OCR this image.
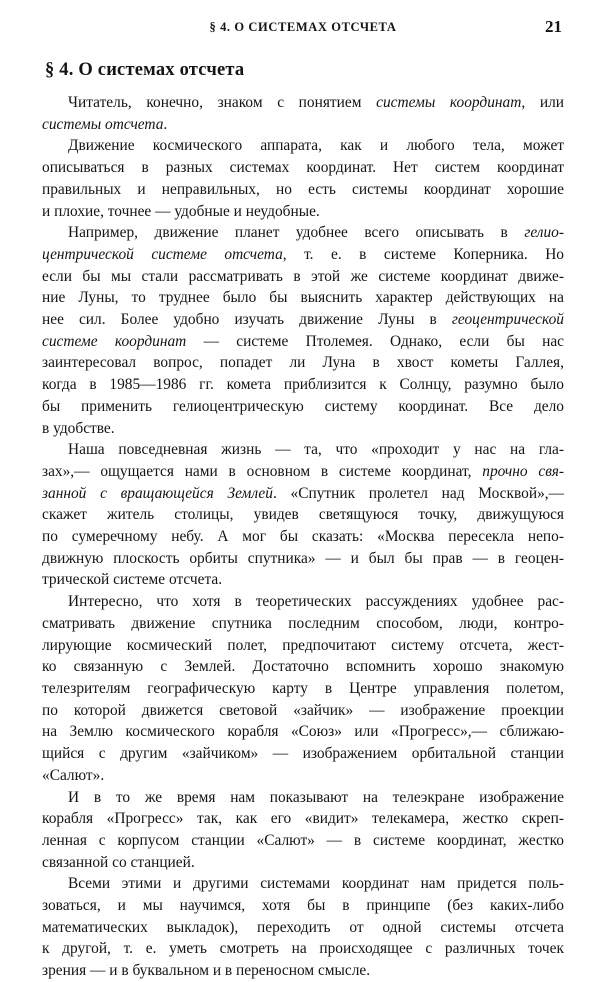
§ 4. О СИСТЕМАХ ОТСЧЕТА	21
§ 4. О системах отсчета

Читатель, конечно, знаком с понятием системы координат, или
системы отсчета.

Движение космического аппарата, как и любого тела, может
описываться в разных системах координат. Нет систем координат
правильных и неправильных, но есть системы координат хорошие
и плохие, точнее — удобные и неудобные.

Например, движение планет удобнее всего описывать в гелио-
центрической системе отсчета, т. е. в системе Коперника. Но
если бы мы стали рассматривать в этой же системе координат движе-
ние Луны, то труднее было бы выяснить характер действующих на
нее сил. Более удобно изучать движение Луны в геоцентрической
системе координат — системе Птолемея. Однако, если бы нас
заинтересовал вопрос, попадет ли Луна в хвост кометы Галлея,
когда в 1985—1986 гг. комета приблизится к Солнцу, разумно было
бы применить гелиоцентрическую систему координат. Все дело
в удобстве.

Наша повседневная жизнь — та, что «проходит у нас на гла-
зах»,— ощущается нами в основном в системе координат, прочно свя-
занной с вращающейся Землей. «Спутник пролетел над Москвой»,—
скажет житель столицы, увидев светящуюся точку, движущуюся
по сумеречному небу. А мог бы сказать: «Москва пересекла непо-
движную плоскость орбиты спутника» — и был бы прав — в геоцен-
трической системе отсчета.

Интересно, что хотя в теоретических рассуждениях удобнее рас-
сматривать движение спутника последним способом, люди, контро-
лирующие космический полет, предпочитают систему отсчета, жест-
ко связанную с Землей. Достаточно вспомнить хорошо знакомую
телезрителям географическую карту в Центре управления полетом,
по которой движется световой «зайчик» — изображение проекции
на Землю космического корабля «Союз» или «Прогресс»,— сближаю-
щийся с другим «зайчиком» — изображением орбитальной станции
«Салют».

И в то же время нам показывают на телеэкране изображение
корабля «Прогресс» так, как его «видит» телекамера, жестко скреп-
ленная с корпусом станции «Салют» — в системе координат, жестко
связанной со станцией.

Всеми этими и другими системами координат нам придется поль-
зоваться, и мы научимся, хотя бы в принципе (без каких-либо
математических выкладок), переходить от одной системы отсчета
к другой, т. е. уметь смотреть на происходящее с различных точек
зрения — и в буквальном и в переносном смысле.
